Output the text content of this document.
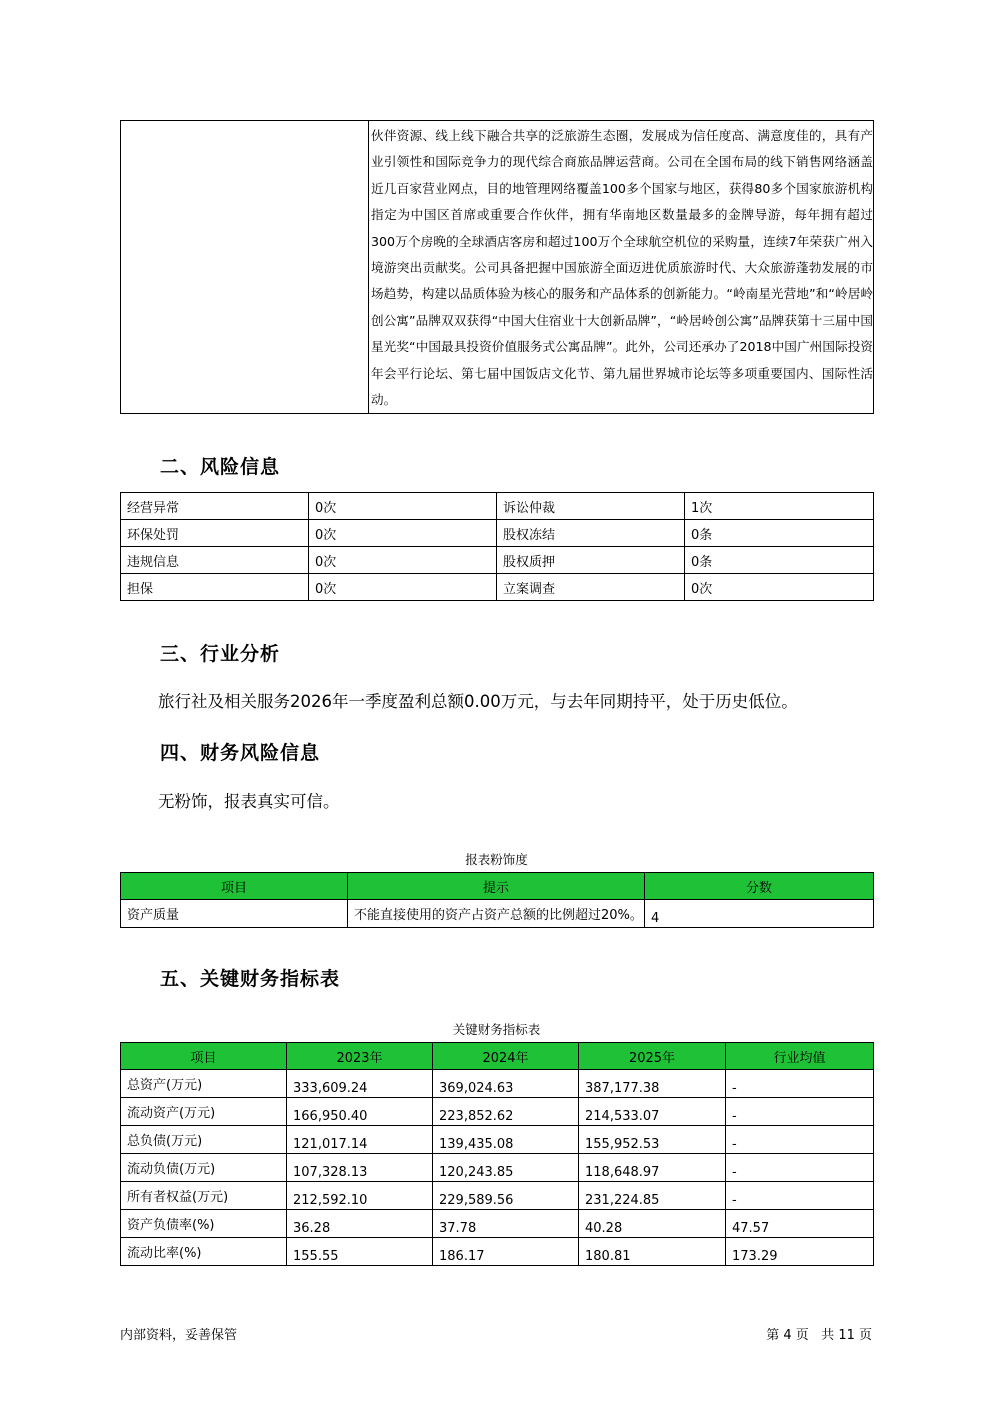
伙伴资源、线上线下融合共享的泛旅游生态圈，发展成为信任度高、满意度佳的，具有产业引领性和国际竞争力的现代综合商旅品牌运营商。公司在全国布局的线下销售网络涵盖近几百家营业网点，目的地管理网络覆盖100多个国家与地区，获得80多个国家旅游机构指定为中国区首席或重要合作伙伴，拥有华南地区数量最多的金牌导游，每年拥有超过300万个房晚的全球酒店客房和超过100万个全球航空机位的采购量，连续7年荣获广州入境游突出贡献奖。公司具备把握中国旅游全面迈进优质旅游时代、大众旅游蓬勃发展的市场趋势，构建以品质体验为核心的服务和产品体系的创新能力。“岭南星光营地”和“岭居岭创公寓”品牌双双获得“中国大住宿业十大创新品牌”，“岭居岭创公寓”品牌获第十三届中国星光奖“中国最具投资价值服务式公寓品牌”。此外，公司还承办了2018中国广州国际投资年会平行论坛、第七届中国饭店文化节、第九届世界城市论坛等多项重要国内、国际性活动。

二、风险信息
经营异常	0次	诉讼仲裁	1次
环保处罚	0次	股权冻结	0条
违规信息	0次	股权质押	0条
担保	0次	立案调查	0次
三、行业分析
旅行社及相关服务2026年一季度盈利总额0.00万元，与去年同期持平，处于历史低位。
四、财务风险信息
无粉饰，报表真实可信。
报表粉饰度
项目	提示	分数
资产质量	不能直接使用的资产占资产总额的比例超过20%。	4
五、关键财务指标表
关键财务指标表
项目	2023年	2024年	2025年	行业均值
总资产(万元)	333,609.24	369,024.63	387,177.38	-
流动资产(万元)	166,950.40	223,852.62	214,533.07	-
总负债(万元)	121,017.14	139,435.08	155,952.53	-
流动负债(万元)	107,328.13	120,243.85	118,648.97	-
所有者权益(万元)	212,592.10	229,589.56	231,224.85	-
资产负债率(%)	36.28	37.78	40.28	47.57
流动比率(%)	155.55	186.17	180.81	173.29
内部资料，妥善保管	第 4 页   共 11 页
